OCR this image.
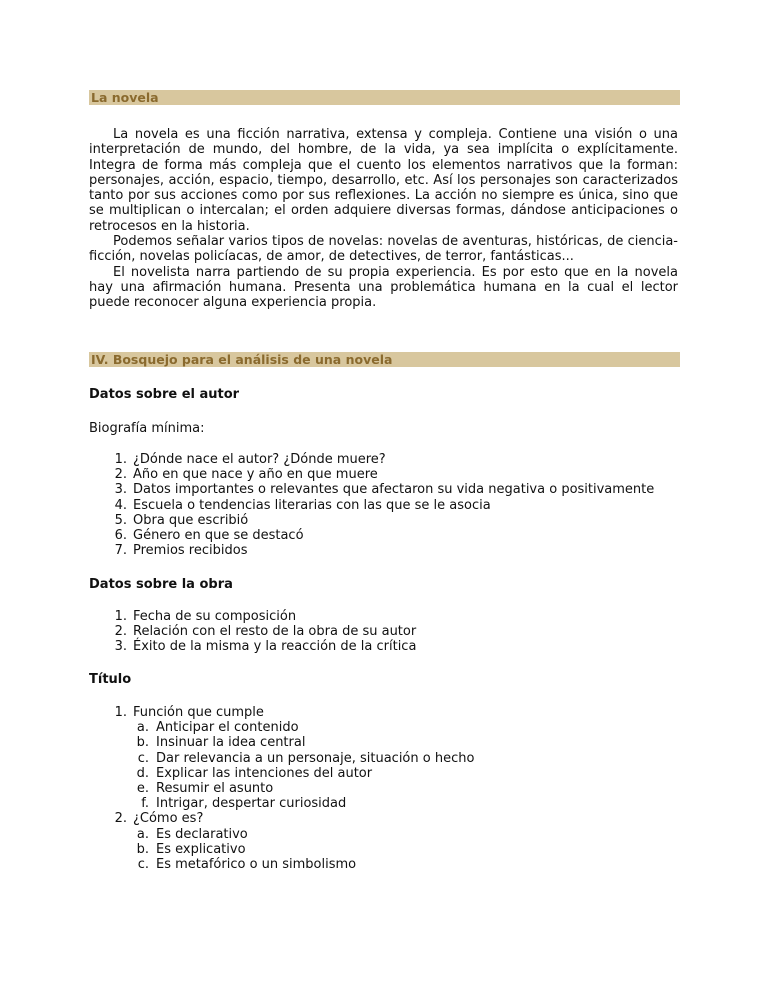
La novela

La novela es una ficción narrativa, extensa y compleja. Contiene una visión o una interpretación de mundo, del hombre, de la vida, ya sea implícita o explícitamente. Integra de forma más compleja que el cuento los elementos narrativos que la forman: personajes, acción, espacio, tiempo, desarrollo, etc. Así los personajes son caracterizados tanto por sus acciones como por sus reflexiones. La acción no siempre es única, sino que se multiplican o intercalan; el orden adquiere diversas formas, dándose anticipaciones o retrocesos en la historia.

Podemos señalar varios tipos de novelas: novelas de aventuras, históricas, de ciencia-ficción, novelas policíacas, de amor, de detectives, de terror, fantásticas...

El novelista narra partiendo de su propia experiencia. Es por esto que en la novela hay una afirmación humana. Presenta una problemática humana en la cual el lector puede reconocer alguna experiencia propia.

IV. Bosquejo para el análisis de una novela
Datos sobre el autor
Biografía mínima:
1. ¿Dónde nace el autor? ¿Dónde muere?
2. Año en que nace y año en que muere
3. Datos importantes o relevantes que afectaron su vida negativa o positivamente
4. Escuela o tendencias literarias con las que se le asocia
5. Obra que escribió
6. Género en que se destacó
7. Premios recibidos
Datos sobre la obra
1. Fecha de su composición
2. Relación con el resto de la obra de su autor
3. Éxito de la misma y la reacción de la crítica
Título
1. Función que cumple
a. Anticipar el contenido
b. Insinuar la idea central
c. Dar relevancia a un personaje, situación o hecho
d. Explicar las intenciones del autor
e. Resumir el asunto
f. Intrigar, despertar curiosidad
2. ¿Cómo es?
a. Es declarativo
b. Es explicativo
c. Es metafórico o un simbolismo
